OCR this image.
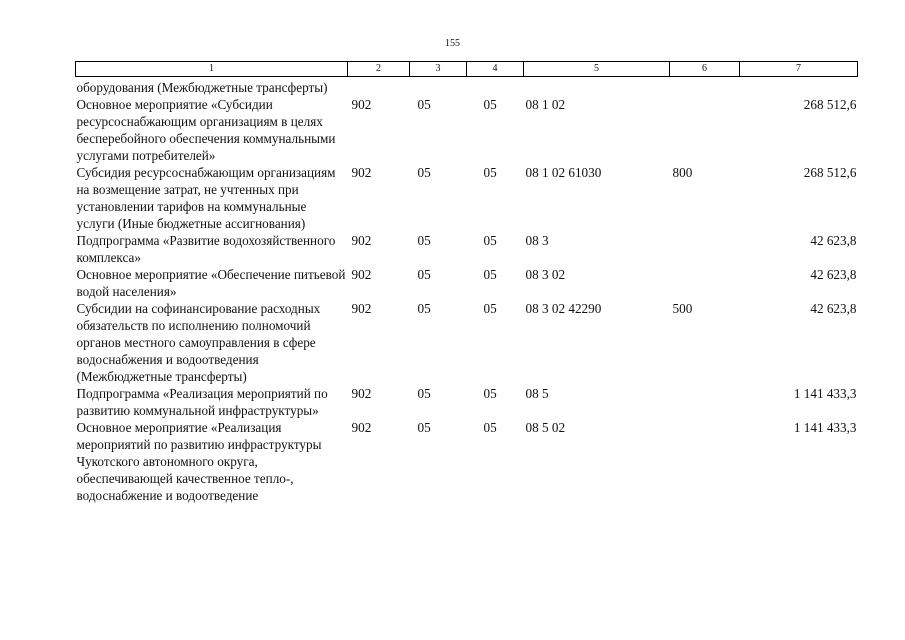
155
1	2	3	4	5	6	7
оборудования (Межбюджетные трансферты)						
Основное мероприятие «Субсидии ресурсоснабжающим организациям в целях бесперебойного обеспечения коммунальными услугами потребителей»	902	05	05	08 1 02		268 512,6
Субсидия ресурсоснабжающим организациям на возмещение затрат, не учтенных при установлении тарифов на коммунальные услуги (Иные бюджетные ассигнования)	902	05	05	08 1 02 61030	800	268 512,6
Подпрограмма «Развитие водохозяйственного комплекса»	902	05	05	08 3		42 623,8
Основное мероприятие «Обеспечение питьевой водой населения»	902	05	05	08 3 02		42 623,8
Субсидии на софинансирование расходных обязательств по исполнению полномочий органов местного самоуправления в сфере водоснабжения и водоотведения (Межбюджетные трансферты)	902	05	05	08 3 02 42290	500	42 623,8
Подпрограмма «Реализация мероприятий по развитию коммунальной инфраструктуры»	902	05	05	08 5		1 141 433,3
Основное мероприятие «Реализация мероприятий по развитию инфраструктуры Чукотского автономного округа, обеспечивающей качественное тепло-, водоснабжение и водоотведение	902	05	05	08 5 02		1 141 433,3
